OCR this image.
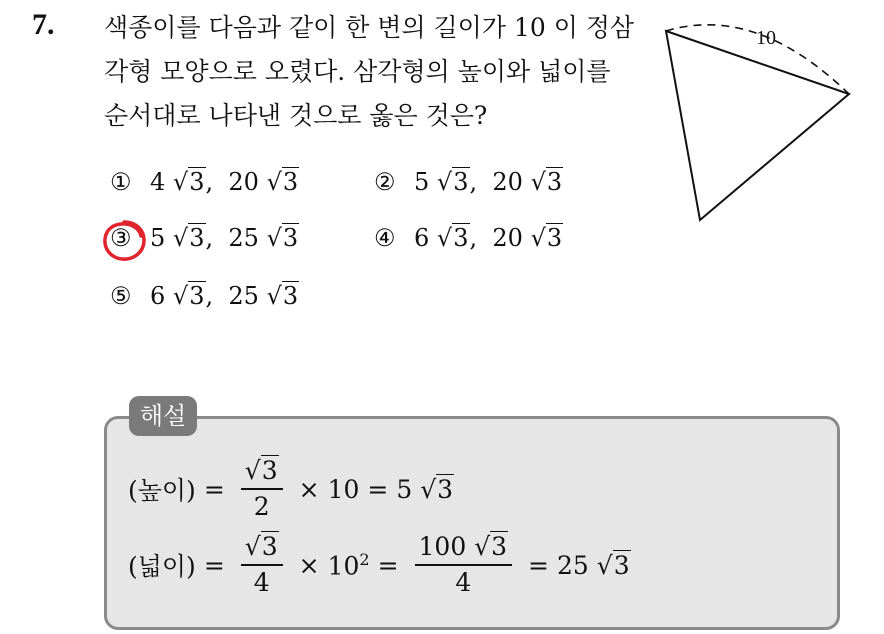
7. 색종이를 다음과 같이 한 변의 길이가 10 이 정삼
각형 모양으로 오렸다. 삼각형의 높이와 넓이를
순서대로 나타낸 것으로 옳은 것은?
10
① 4 √3,  20 √3	② 5 √3,  20 √3
③ 5 √3,  25 √3	④ 6 √3,  20 √3
⑤ 6 √3,  25 √3
해설
(높이) = $\frac{√3}{2} \times 10 = 5$
√3
(넓이) = $\frac{√3}{4} \times 10^2 = \frac{100 √3}{4} = 25$
√3
